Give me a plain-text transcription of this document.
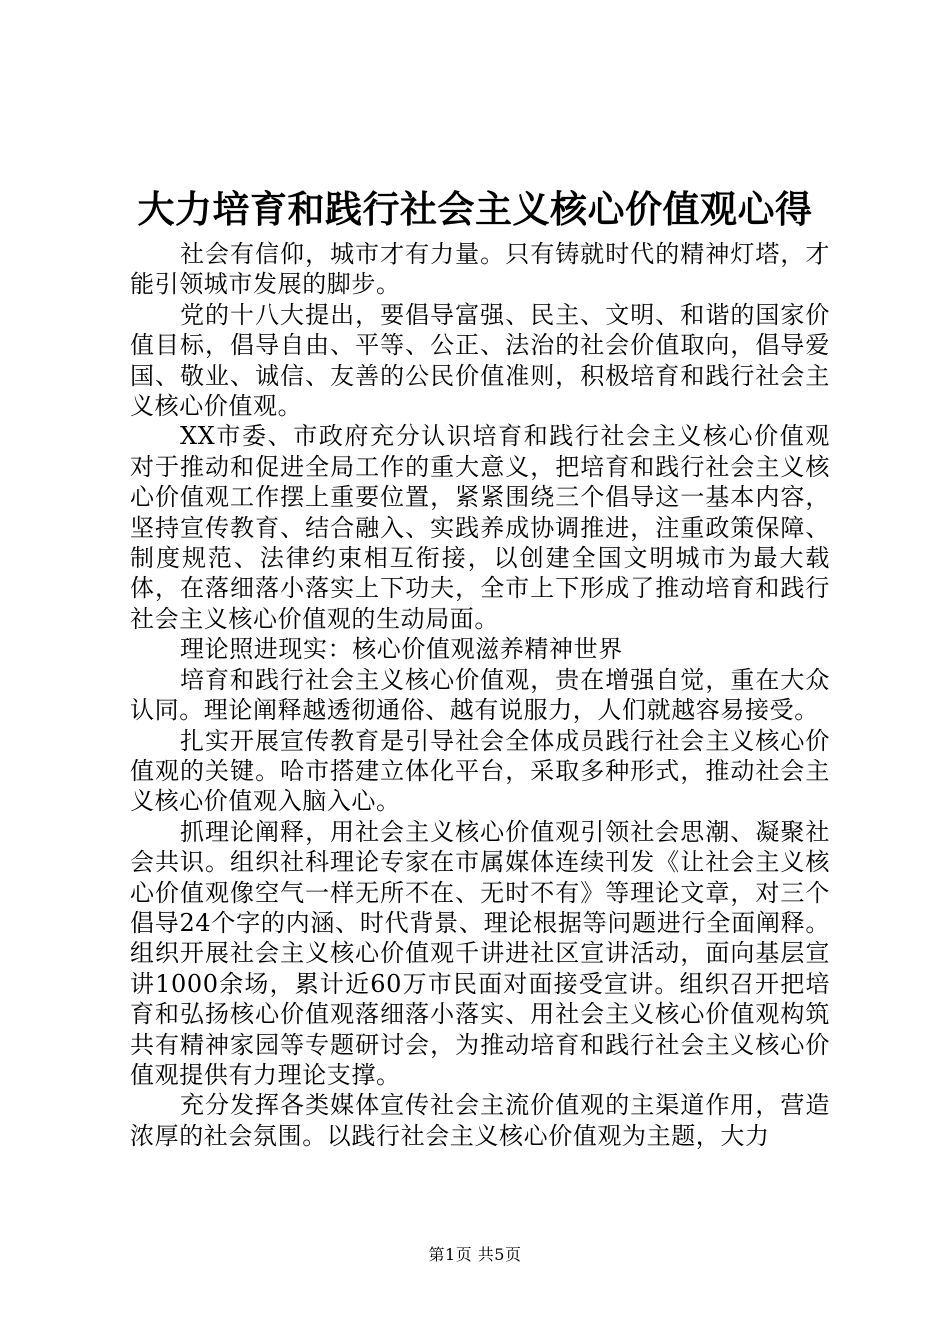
大力培育和践行社会主义核心价值观心得

社会有信仰，城市才有力量。只有铸就时代的精神灯塔，才能引领城市发展的脚步。

党的十八大提出，要倡导富强、民主、文明、和谐的国家价值目标，倡导自由、平等、公正、法治的社会价值取向，倡导爱国、敬业、诚信、友善的公民价值准则，积极培育和践行社会主义核心价值观。

XX市委、市政府充分认识培育和践行社会主义核心价值观对于推动和促进全局工作的重大意义，把培育和践行社会主义核心价值观工作摆上重要位置，紧紧围绕三个倡导这一基本内容，坚持宣传教育、结合融入、实践养成协调推进，注重政策保障、制度规范、法律约束相互衔接，以创建全国文明城市为最大载体，在落细落小落实上下功夫，全市上下形成了推动培育和践行社会主义核心价值观的生动局面。

理论照进现实：核心价值观滋养精神世界

培育和践行社会主义核心价值观，贵在增强自觉，重在大众认同。理论阐释越透彻通俗、越有说服力，人们就越容易接受。

扎实开展宣传教育是引导社会全体成员践行社会主义核心价值观的关键。哈市搭建立体化平台，采取多种形式，推动社会主义核心价值观入脑入心。

抓理论阐释，用社会主义核心价值观引领社会思潮、凝聚社会共识。组织社科理论专家在市属媒体连续刊发《让社会主义核心价值观像空气一样无所不在、无时不有》等理论文章，对三个倡导24个字的内涵、时代背景、理论根据等问题进行全面阐释。组织开展社会主义核心价值观千讲进社区宣讲活动，面向基层宣讲1000余场，累计近60万市民面对面接受宣讲。组织召开把培育和弘扬核心价值观落细落小落实、用社会主义核心价值观构筑共有精神家园等专题研讨会，为推动培育和践行社会主义核心价值观提供有力理论支撑。

充分发挥各类媒体宣传社会主流价值观的主渠道作用，营造浓厚的社会氛围。以践行社会主义核心价值观为主题，大力

第1页 共5页
